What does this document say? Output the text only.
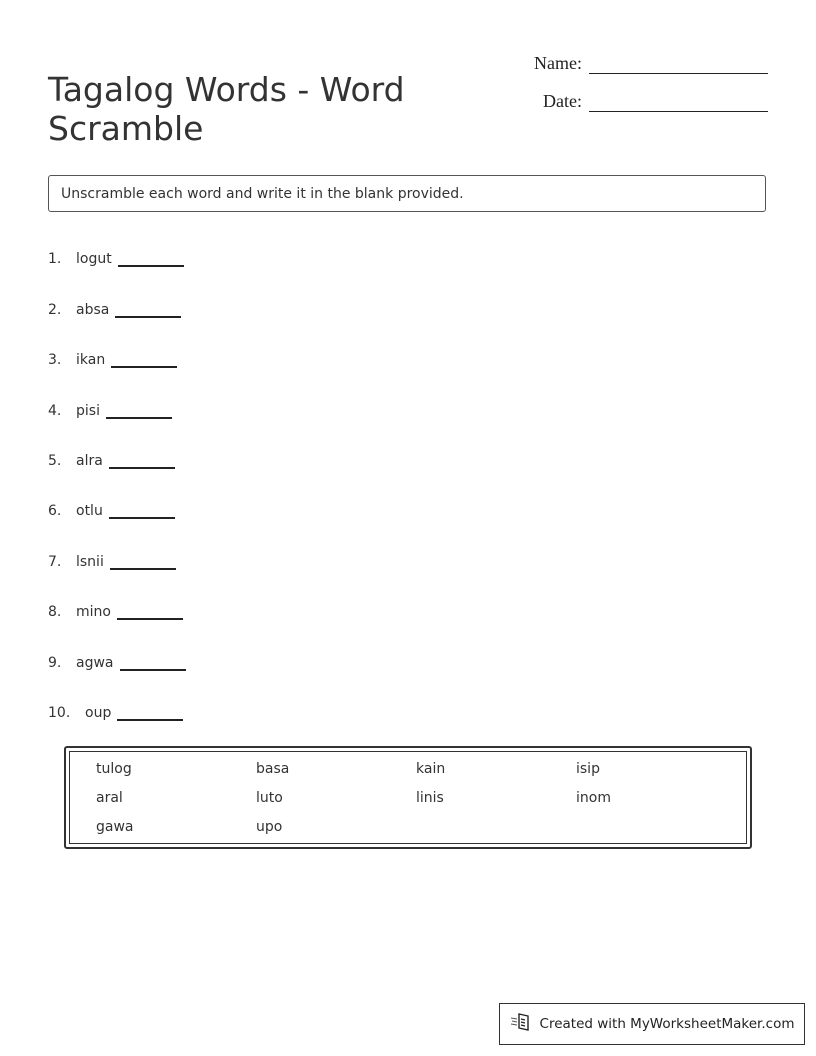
Tagalog Words - Word Scramble
Name:
Date:
Unscramble each word and write it in the blank provided.
1.	logut
2.	absa
3.	ikan
4.	pisi
5.	alra
6.	otlu
7.	lsnii
8.	mino
9.	agwa
10.	oup
tulog	basa	kain	isip
aral	luto	linis	inom
gawa	upo
Created with MyWorksheetMaker.com
